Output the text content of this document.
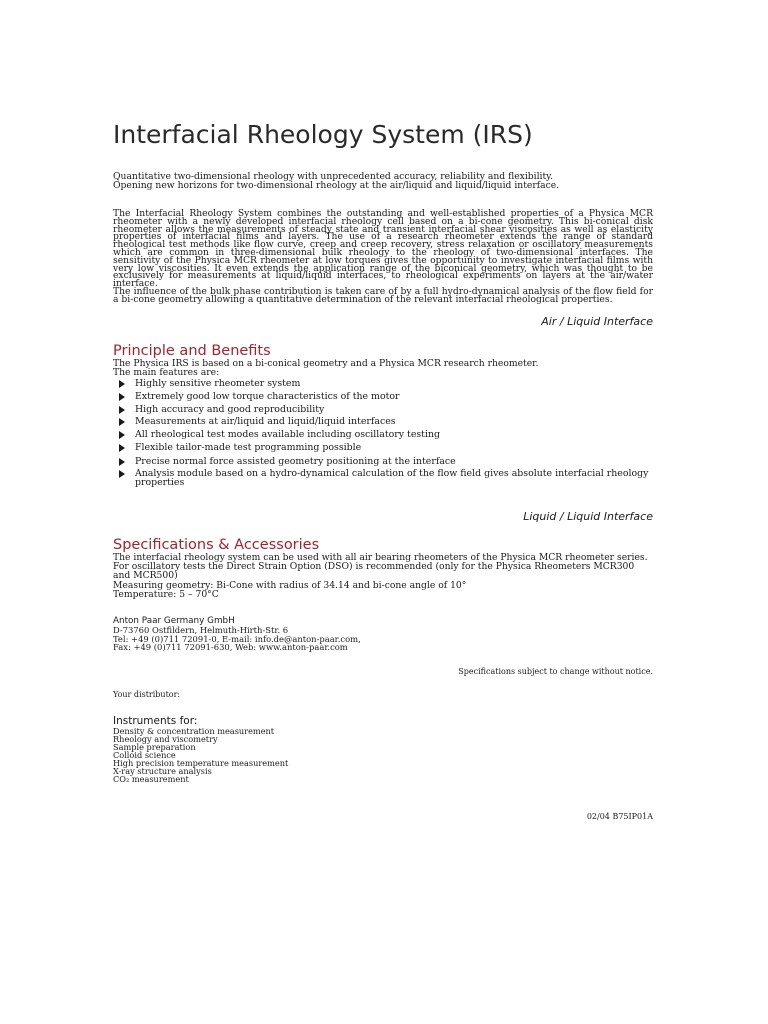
Interfacial Rheology System (IRS)
Quantitative two-dimensional rheology with unprecedented accuracy, reliability and flexibility.
Opening new horizons for two-dimensional rheology at the air/liquid and liquid/liquid interface.

The Interfacial Rheology System combines the outstanding and well-established properties of a Physica MCR rheometer with a newly developed interfacial rheology cell based on a bi-cone geometry. This bi-conical disk rheometer allows the measurements of steady state and transient interfacial shear viscosities as well as elasticity properties of interfacial films and layers. The use of a research rheometer extends the range of standard rheological test methods like flow curve, creep and creep recovery, stress relaxation or oscillatory measurements which are common in three-dimensional bulk rheology to the rheology of two-dimensional interfaces. The sensitivity of the Physica MCR rheometer at low torques gives the opportunity to investigate interfacial films with very low viscosities. It even extends the application range of the biconical geometry, which was thought to be exclusively for measurements at liquid/liquid interfaces, to rheological experiments on layers at the air/water interface.

The influence of the bulk phase contribution is taken care of by a full hydro-dynamical analysis of the flow field for a bi-cone geometry allowing a quantitative determination of the relevant interfacial rheological properties.

Air / Liquid Interface
Principle and Benefits
The Physica IRS is based on a bi-conical geometry and a Physica MCR research rheometer.
The main features are:
Highly sensitive rheometer system
Extremely good low torque characteristics of the motor
High accuracy and good reproducibility
Measurements at air/liquid and liquid/liquid interfaces
All rheological test modes available including oscillatory testing
Flexible tailor-made test programming possible
Precise normal force assisted geometry positioning at the interface
Analysis module based on a hydro-dynamical calculation of the flow field gives absolute interfacial rheology properties
Liquid / Liquid Interface
Specifications & Accessories

The interfacial rheology system can be used with all air bearing rheometers of the Physica MCR rheometer series.

For oscillatory tests the Direct Strain Option (DSO) is recommended (only for the Physica Rheometers MCR300 and MCR500)

Measuring geometry: Bi-Cone with radius of 34.14 and bi-cone angle of 10°

Temperature: 5 – 70°C

Anton Paar Germany GmbH

D-73760 Ostfildern, Helmuth-Hirth-Str. 6

Tel: +49 (0)711 72091-0, E-mail: info.de@anton-paar.com,

Fax: +49 (0)711 72091-630, Web: www.anton-paar.com

Specifications subject to change without notice.
Your distributor:

Instruments for:

Density & concentration measurement
Rheology and viscometry
Sample preparation
Colloid science
High precision temperature measurement
X-ray structure analysis
CO₂ measurement
02/04 B75IP01A
